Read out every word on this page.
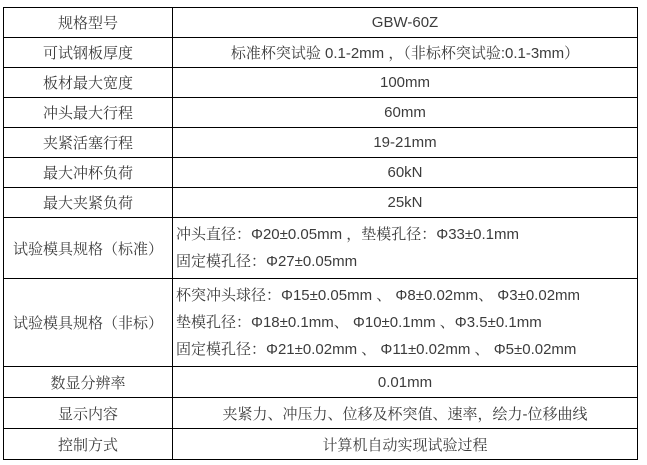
规格型号	GBW-60Z
可试钢板厚度	标准杯突试验 0.1-2mm ，（非标杯突试验:0.1-3mm）
板材最大宽度	100mm
冲头最大行程	60mm
夹紧活塞行程	19-21mm
最大冲杯负荷	60kN
最大夹紧负荷	25kN
试验模具规格（标准）	冲头直径：Φ20±0.05mm ，垫模孔径：Φ33±0.1mm
固定模孔径：Φ27±0.05mm

试验模具规格（非标）	杯突冲头球径：Φ15±0.05mm 、 Φ8±0.02mm、 Φ3±0.02mm
垫模孔径：Φ18±0.1mm、 Φ10±0.1mm 、Φ3.5±0.1mm
固定模孔径：Φ21±0.02mm 、 Φ11±0.02mm 、 Φ5±0.02mm

数显分辨率	0.01mm
显示内容	夹紧力、冲压力、位移及杯突值、速率，绘力-位移曲线
控制方式	计算机自动实现试验过程
